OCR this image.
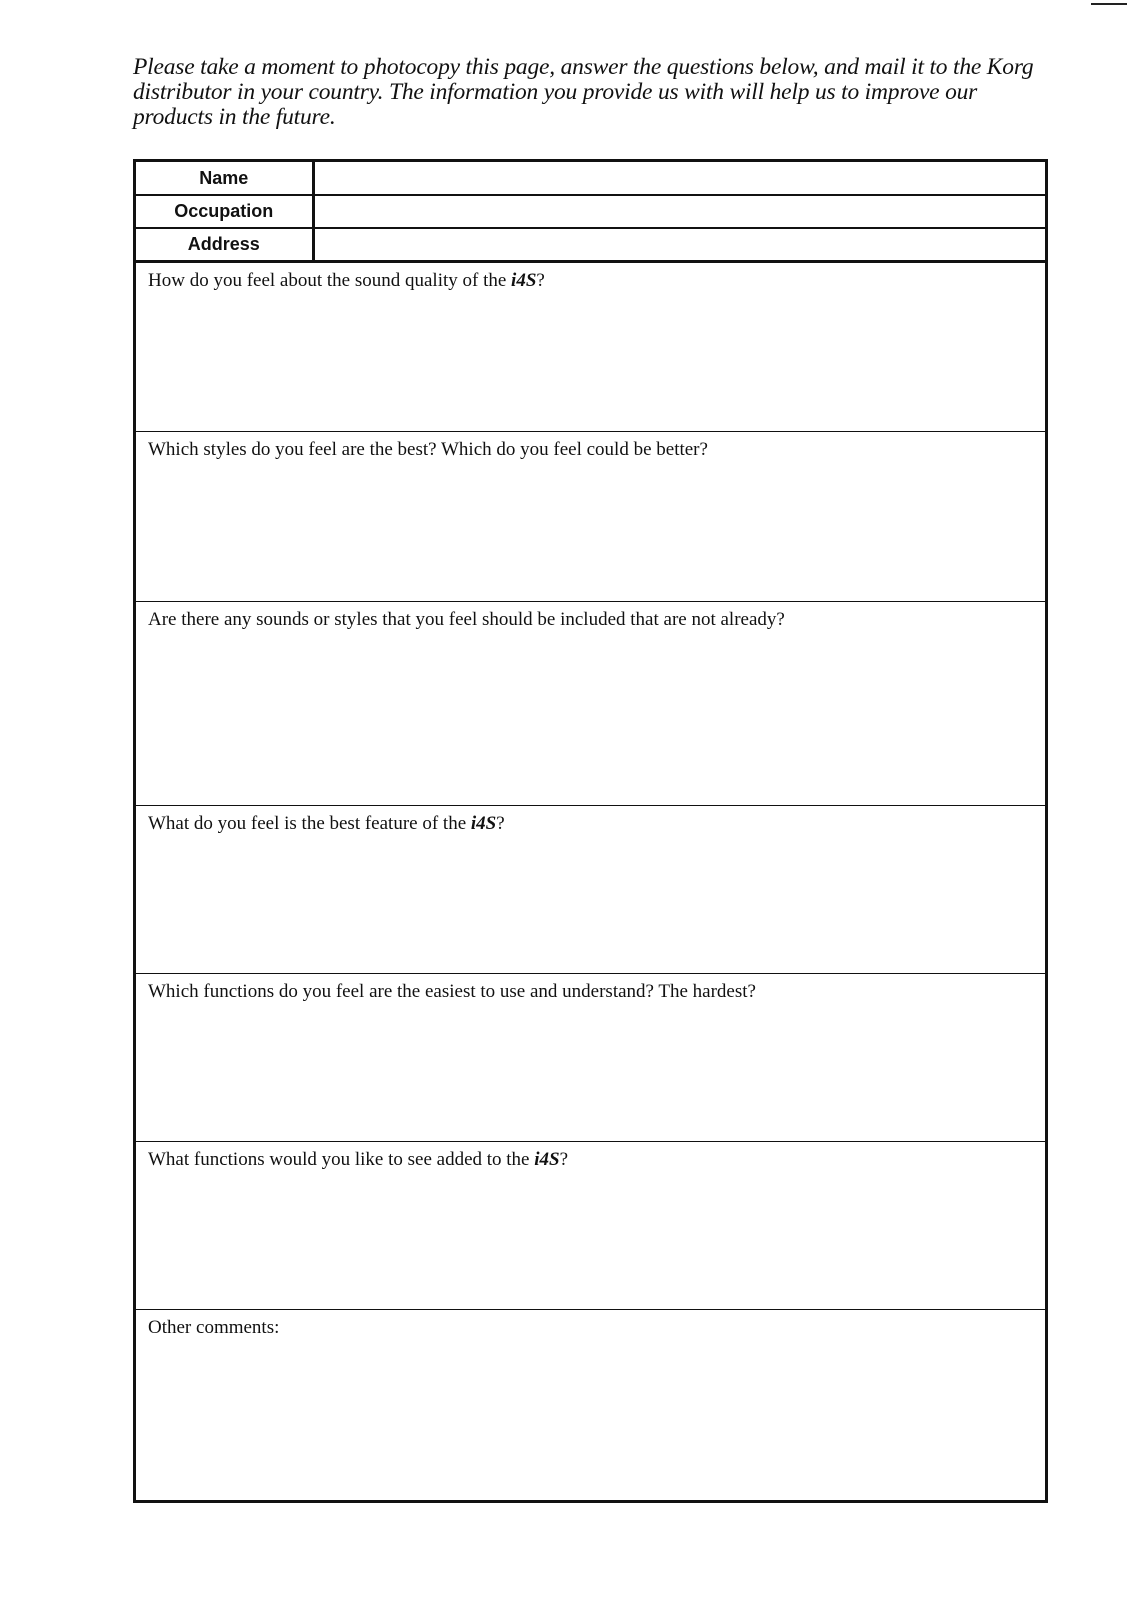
Please take a moment to photocopy this page, answer the questions below, and mail it to the Korg distributor in your country. The information you provide us with will help us to improve our products in the future.

Name	
Occupation	
Address	
How do you feel about the sound quality of the i4S?
Which styles do you feel are the best? Which do you feel could be better?
Are there any sounds or styles that you feel should be included that are not already?
What do you feel is the best feature of the i4S?
Which functions do you feel are the easiest to use and understand? The hardest?
What functions would you like to see added to the i4S?
Other comments:
